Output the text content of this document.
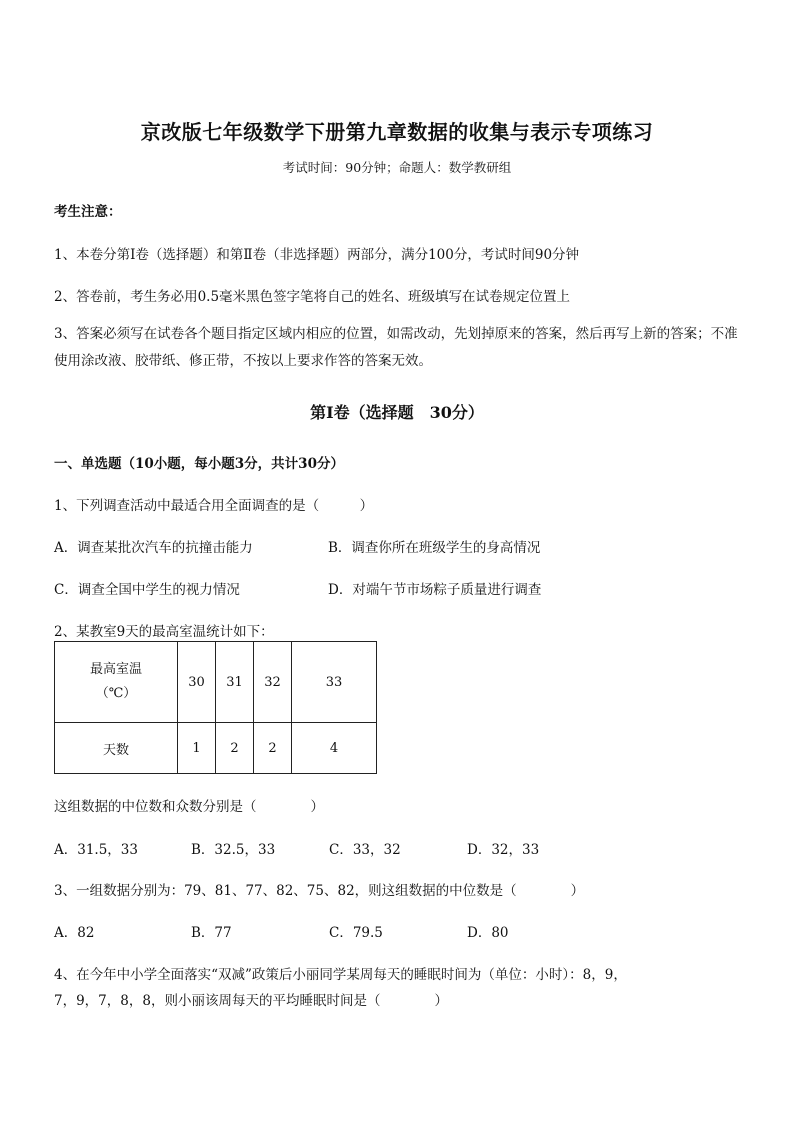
京改版七年级数学下册第九章数据的收集与表示专项练习
考试时间：90分钟；命题人：数学教研组
考生注意：
1、本卷分第Ⅰ卷（选择题）和第Ⅱ卷（非选择题）两部分，满分100分，考试时间90分钟
2、答卷前，考生务必用0.5毫米黑色签字笔将自己的姓名、班级填写在试卷规定位置上
3、答案必须写在试卷各个题目指定区域内相应的位置，如需改动，先划掉原来的答案，然后再写上新的答案；不准使用涂改液、胶带纸、修正带，不按以上要求作答的答案无效。
第Ⅰ卷（选择题　30分）
一、单选题（10小题，每小题3分，共计30分）
1、下列调查活动中最适合用全面调查的是（　　　）
A．调查某批次汽车的抗撞击能力	B．调查你所在班级学生的身高情况
C．调查全国中学生的视力情况	D．对端午节市场粽子质量进行调查
2、某教室9天的最高室温统计如下：
最高室温
（℃）	30	31	32	33
天数	1	2	2	4
这组数据的中位数和众数分别是（　　　　）
A．31.5，33	B．32.5，33	C．33，32	D．32，33
3、一组数据分别为：79、81、77、82、75、82，则这组数据的中位数是（　　　　）
A．82	B．77	C．79.5	D．80
4、在今年中小学全面落实“双减”政策后小丽同学某周每天的睡眠时间为（单位：小时）：8，9，
7，9，7，8，8，则小丽该周每天的平均睡眠时间是（　　　　）
